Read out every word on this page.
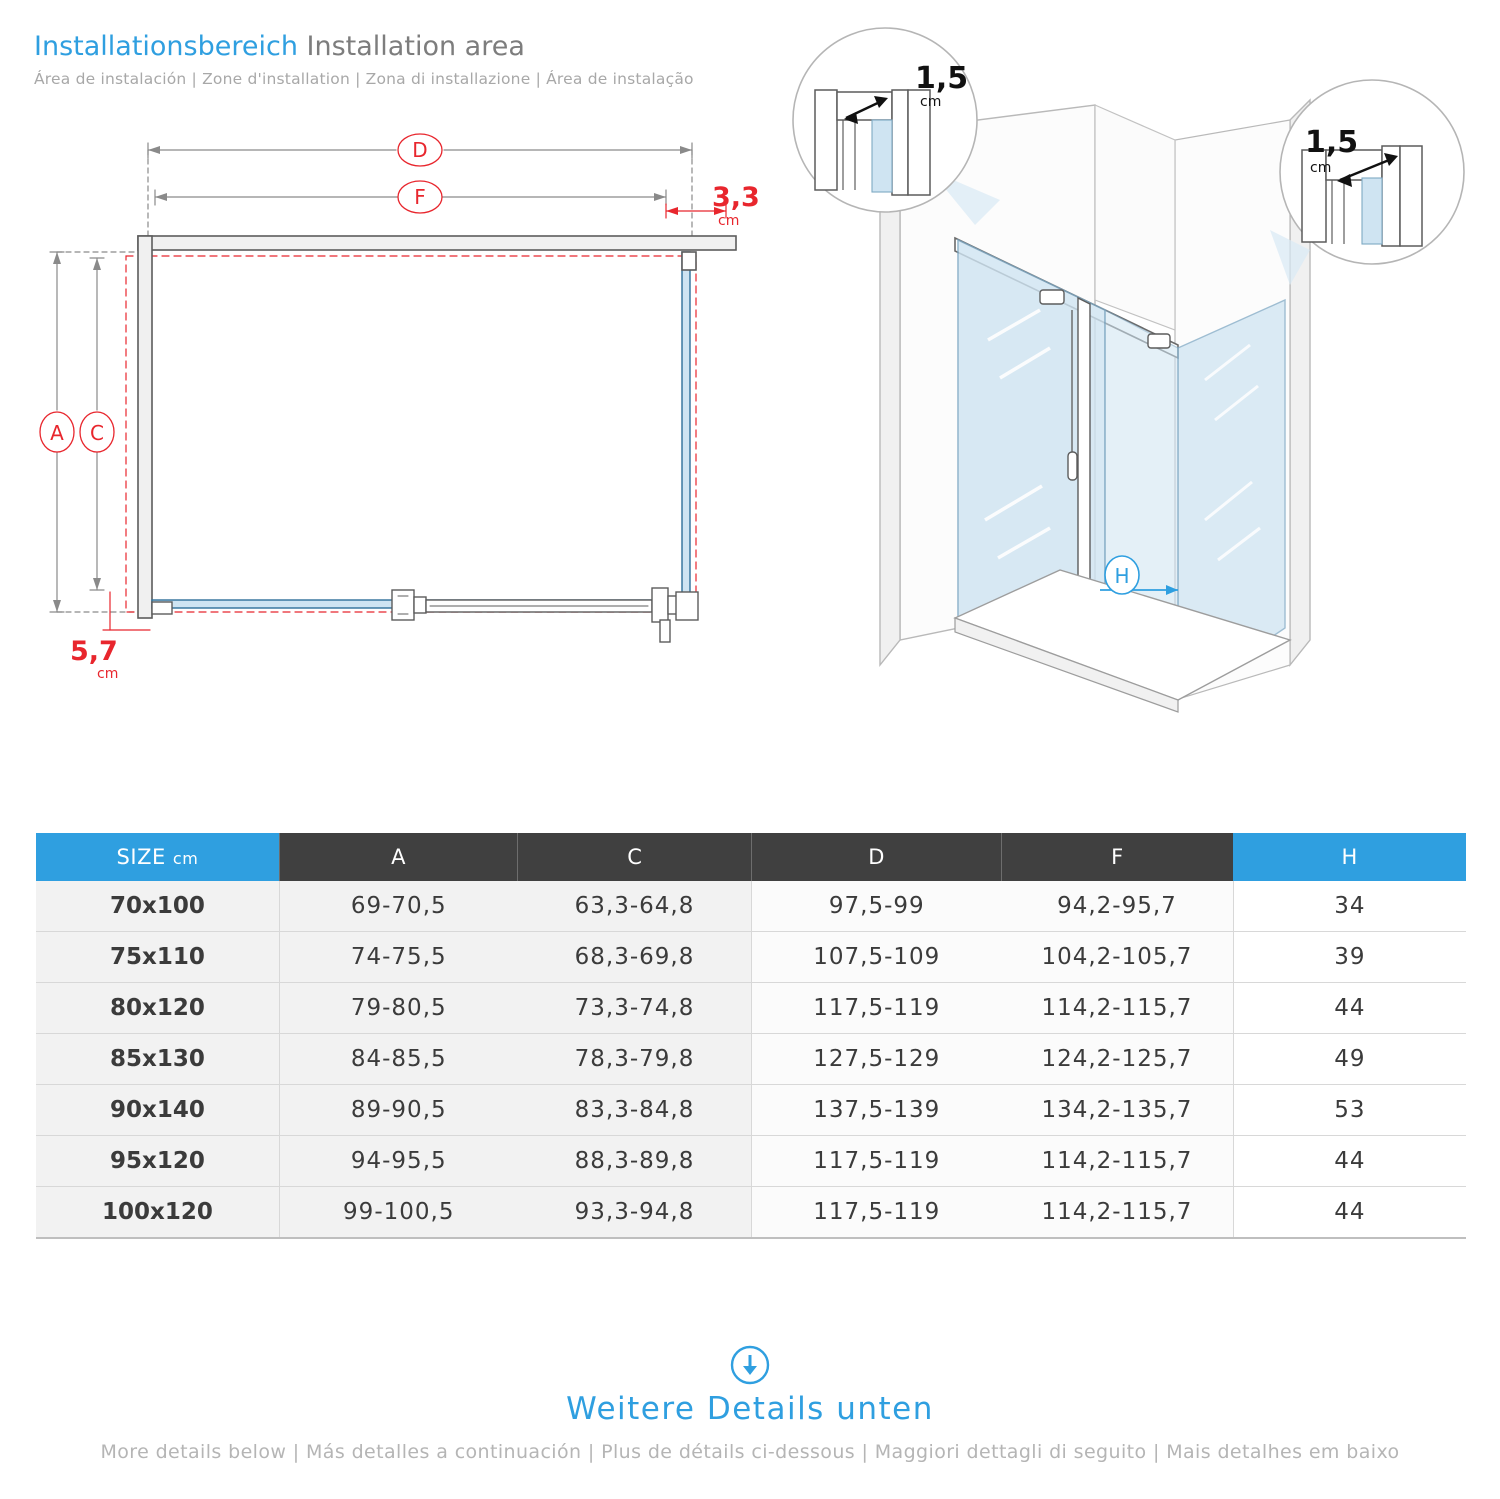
Installationsbereich Installation area
Área de instalación | Zone d'installation | Zona di installazione | Área de instalação
D
F
A C
3,3
cm
5,7
cm
H
1,5
cm
1,5
cm
SIZE cm	A	C	D	F	H
70x100	69-70,5	63,3-64,8	97,5-99	94,2-95,7	34
75x110	74-75,5	68,3-69,8	107,5-109	104,2-105,7	39
80x120	79-80,5	73,3-74,8	117,5-119	114,2-115,7	44
85x130	84-85,5	78,3-79,8	127,5-129	124,2-125,7	49
90x140	89-90,5	83,3-84,8	137,5-139	134,2-135,7	53
95x120	94-95,5	88,3-89,8	117,5-119	114,2-115,7	44
100x120	99-100,5	93,3-94,8	117,5-119	114,2-115,7	44
Weitere Details unten
More details below | Más detalles a continuación | Plus de détails ci-dessous | Maggiori dettagli di seguito | Mais detalhes em baixo
